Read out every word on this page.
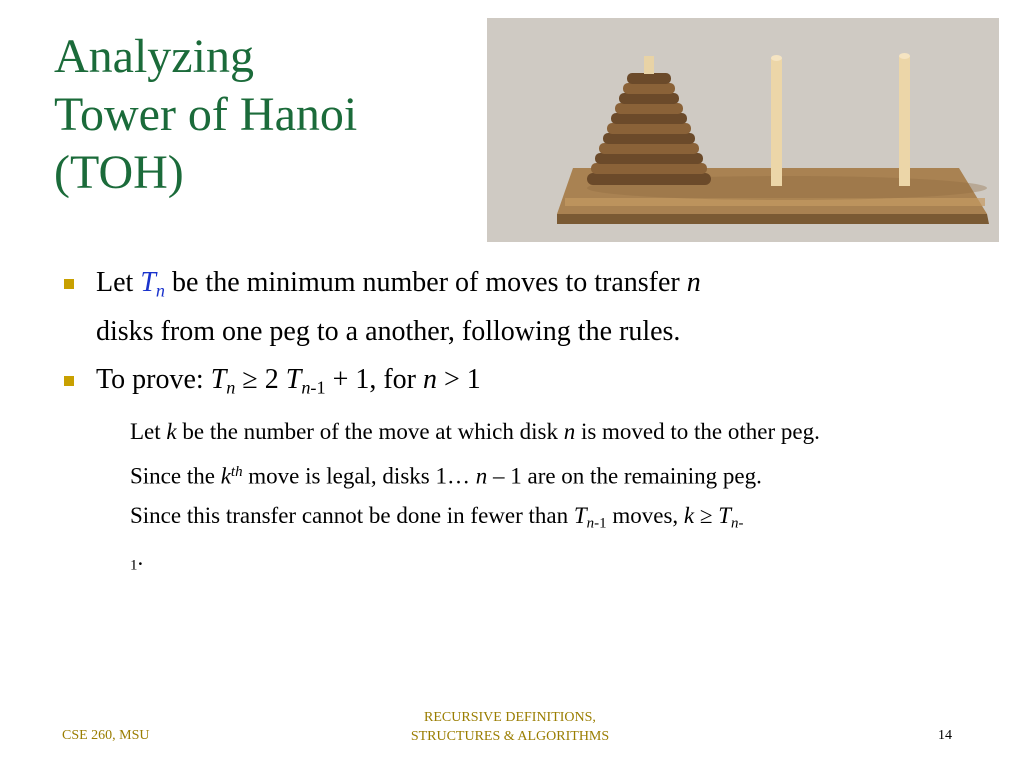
Analyzing
Tower of Hanoi
(TOH)
Let $T_n$ be the minimum number of moves to transfer n
disks from one peg to a another, following the rules.
To prove: $T_n \ge 2$ $T_{n-1} + 1$, for n > 1
Let k be the number of the move at which disk n is moved to the other peg.
Since the $k^{th}$ move is legal, disks 1… n – 1 are on the remaining peg.
Since this transfer cannot be done in fewer than $T_{n-1}$ moves, $k \ge T_{n-}$
$_1$.
CSE 260, MSU
RECURSIVE DEFINITIONS,
STRUCTURES & ALGORITHMS	14
